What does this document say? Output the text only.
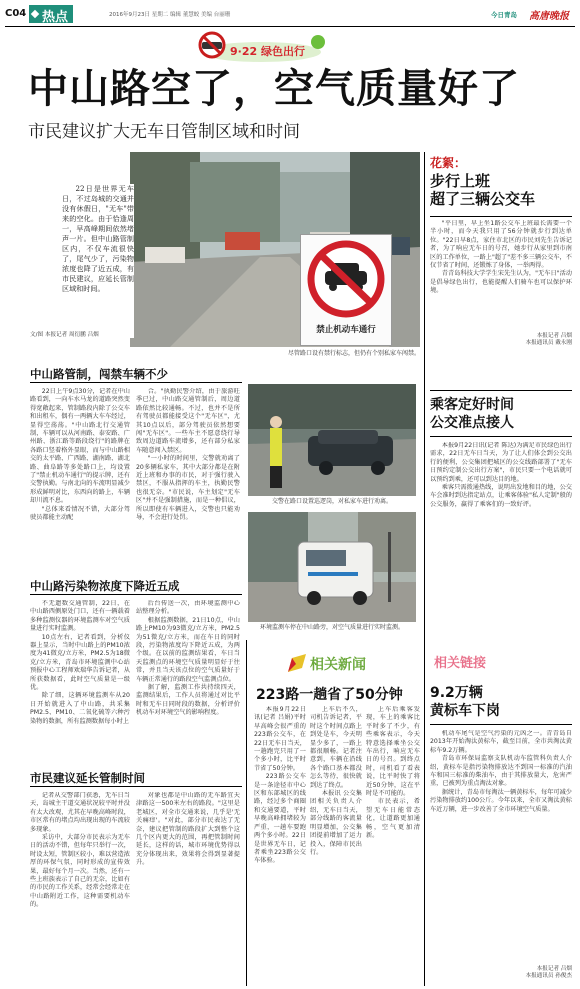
C04 热点	2016年9月23日 星期二 编辑 董慧蛟 美编 台丽珊	今日青岛 高唐晚报
9·22 绿色出行
中山路空了，空气质量好了
市民建议扩大无车日管制区域和时间
禁止机动车通行
22日是世界无车日，不过岛城的交通并没有休假日，"无车"带来的空化。由于恰逢周一，早高峰期间依然堵声一片。但中山路管制区内，不仅车流很快了，尾气少了，污染物浓度也降了近五成，有市民建议，应延长管制区域和时间。
文/图 本报记者 周衍鹏 吕烟
尽管路口设有禁行标志，但仍有个别私家车闯禁。
花絮：
步行上班
超了三辆公交车

"平日里，早上坐1路公交车上班最长需要一个半小时，而今天我只用了56分钟就步行到达单位。"22日早8点，家住市北区的市民刘先生告诉记者，为了响应无车日的号召，她步行从家里到市南区的工作单位，一路上"超了"差不多三辆公交车，不仅节省了时间，还锻炼了身体，一举两得。

青青岛科技大学学生宋先生认为，"无车日"活动是倡导绿色出行，也能提醒人们骑车也可以保护环境。

本报记者 吕烟
本报通讯员 戴永刚
中山路管制，闯禁车辆不少

22日上午9点30分，记者在中山路看到，一向车水马龙的道路突然变得宽敞起来，管制路段内除了公交车和出租车，偶有一两辆大车车经过，显得空荡荡。"中山路北行交通管制，车辆可以从河南路、泰安路、广州路、浙江路等路段绕行"的路牌在各路口竖着格外显眼，而与中山路相交的太平路、广西路、湖南路、湖北路、曲阜路等多处路口上，均设置了"禁止机动车通行"的提示牌，还有交警执勤。与南北向的车流明显减少形成鲜明对比，东西向的路上，车辆却川流不息。

"总体来看情况不错，大部分驾驶员都能主动配

合。"执勤民警介绍，由于旅游旺季已过，中山路交通管制后，周边道路依然比较通畅。不过，也并不是所有驾驶员都能接受这个"无车区"，尤其10点以后，部分驾驶员依然想要闯"无车区"。一些车主不愿意绕行导致周边道路车流增多，还有部分私家车随意闯入禁区。

"一小时的时间里，交警就劝离了20多辆私家车，其中大部分都是在附近上班和办事的市民，对于强行驶入禁区，不服从指挥的车主，执勤民警也很无奈。"市民说，车主划定"无车区"并不是强制措施，而是一种倡议，所以即使有车辆进入，交警也只能劝导，不会进行处罚。

交警在路口设置巡逻岗，对私家车进行劝离。
环境监测车停在中山路旁，对空气质量进行实时监测。
中山路污染物浓度下降近五成

不无遗数交通管制，22日，在中山路西侧原处门口，还有一辆载着多种监测仪器的环境监测车对空气质量进行实时监测。

10点左右，记者看到，分析仪器上显示，当时中山路上的PM10浓度为41微克/立方米，PM2.5为18微克/立方米，青岛市环境监测中心站预报中心工程师欢瑞华告诉记者，从所获数据看，此时空气质量是一级优。

除了细，这辆环境监测车从20日开始就进入了中山路，共采集PM2.5、PM10、二氧化硫等六种污染物的数据，所有监测数据每小时上

后台传送一次，由环境监测中心站整理分析。

根据监测数据，21日10点，中山路上PM10为93微克/立方米，PM2.5为51微克/立方米，而在车日的同时段，污染物浓度均下降近五成，为两个级。在以前的监测结果看，车日当天监测点的环境空气质量明显好于往常，并且当天该点位的空气质量好于车辆正常通行的路段空气监测点位。

据了解，监测工作共持续四天，监测结果后，工作人员将通过对比平时和无车日同时段的数据，分析评价机动车对环境空气的影响程度。

市民建议延长管制时间

记者从交警部门获悉，无车日当天，岛城主干道交通状况较平时并没有太大改观，尤其在早晚高峰时段，市区常有的堵点均出现出现的车流较多现象。

采访中，大部分市民表示为无车日的活动不错，但每年只举行一次，时设太短，管制区较小，难以营造浓厚的环保气氛，同时形成的宣传效果，最好每个月一次。当然，还有一些上班族表示了自己的无奈，比如有的市民的工作关系，经常会经常走在中山路附近工作，这种需要机动车的。

对象也都是中山路的无车路宜天津路这一500米左右的路段。"这里是老城区，对全市交通来说，几乎是'无关痛痒'。"对此，部分市民表达了无奈，建议把管制的路段扩大到整个这几个区内更大的范围，再把管制时间延长，这样的话，城市环境优势得以充分体现出来，效果将会得到显著提升。

相关新闻
223路一趟省了50分钟

本报9月22日讯(记者 吕娟)平时早高峰会很严重的223路公交车，在22日无车日当天，一趟跑完只用了一个多小时，比平时节省了50分钟。

223路公交车是一条途径市中心区和东部城区的线路，经过多个商圈和交通要道，平时早晚高峰拥堵较为严重，一趟车要跑两个多小时。22日是世界无车日，记者乘坐223路公交车体验。

上车后不久，司机告诉记者，平时这个时间点路上到处是车，今天明显少多了，一路上都很顺畅。记者注意到，车辆在沿线各个路口基本都没怎么等待，很快就到达了终点。

本报讯 公交集团相关负责人介绍，无车日当天，部分线路的客流量明显增加，公交集团提前增加了运力投入，保障市民出行。

上车后乘客发现，车上的乘客比平时多了不少，有些乘客表示，今天特意选择乘坐公交车出行，响应无车日的号召。到终点时，司机看了看表说，比平时快了将近50分钟，这在平时是不可能的。

市民表示，希望无车日能常态化，让道路更加通畅，空气更加清新。

乘客定好时间
公交准点接人

本报9月22日讯(记者 陈达)为满足市民绿色出行需求，22日无车日当天，为了让人们体会到公交出行的便利，公交集团把城区的公交线路部署了"无车日预约定制公交出行方案"，市民只要一个电话就可以预约到乘，还可以到达目的地。

乘客只需拨通热线，说明出发地和目的地，公交车会准时到达指定站点，让乘客体验"私人定制"般的公交服务，赢得了乘客们的一致好评。

相关链接
9.2万辆
黄标车下岗

机动车尾气是空气污染的元凶之一。青青岛自2013年开始淘汰黄标车，截至目前，全市共淘汰黄标车9.2万辆。

青岛市环保局监察支队机动车监管科负责人介绍，黄标车是指污染物排放达不到国一标准的汽油车和国三标准的柴油车，由于其排放量大，危害严重，已被列为重点淘汰对象。

据统计，青岛市每淘汰一辆黄标车，每年可减少污染物排放约100公斤。今年以来，全市又淘汰黄标车近万辆，进一步改善了全市环境空气质量。

本报记者 吕烟
本报通讯员 孙俊杰
